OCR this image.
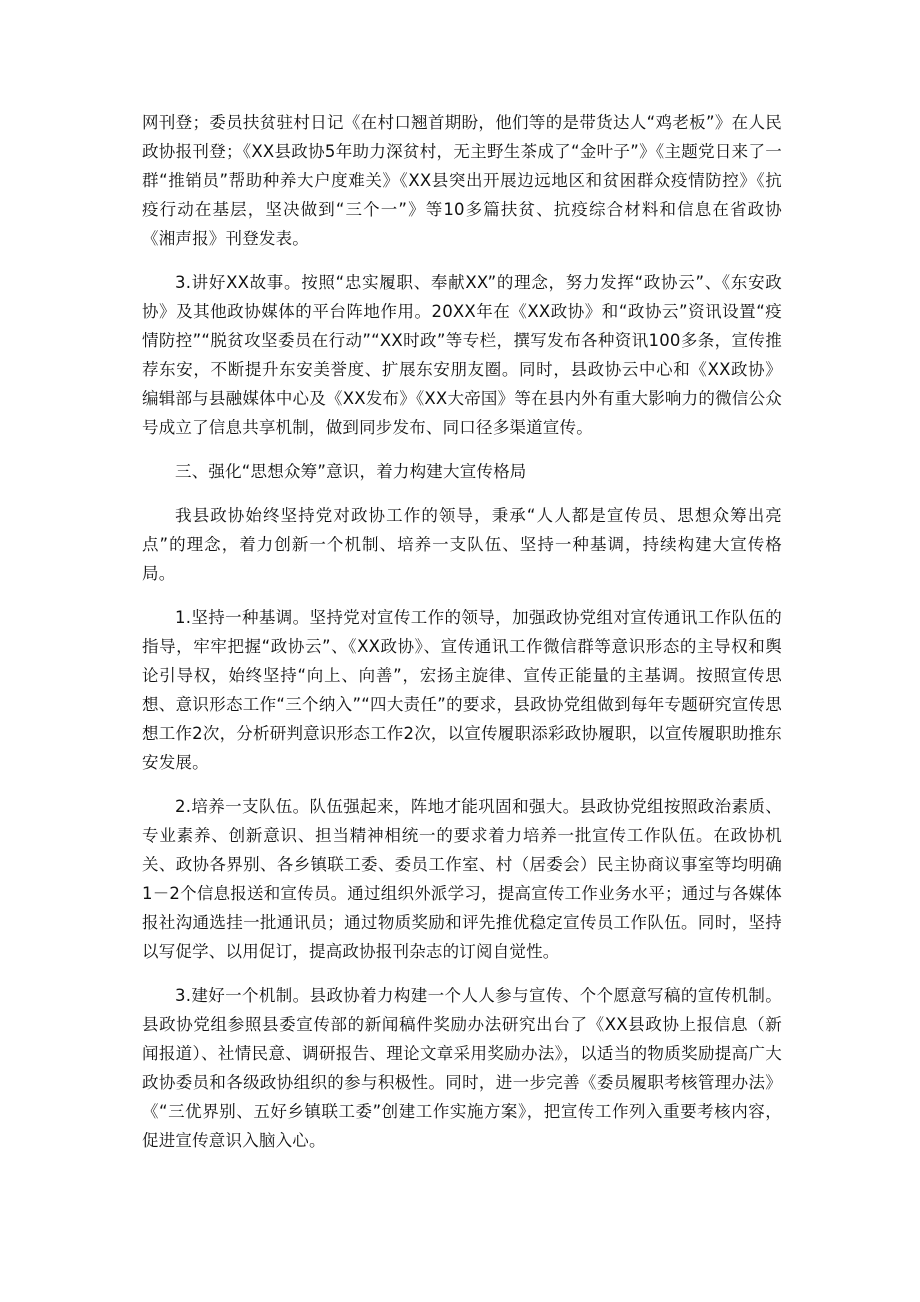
网刊登；委员扶贫驻村日记《在村口翘首期盼，他们等的是带货达人“鸡老板”》在人民政协报刊登；《XX县政协5年助力深贫村，无主野生茶成了“金叶子”》《主题党日来了一群“推销员”帮助种养大户度难关》《XX县突出开展边远地区和贫困群众疫情防控》《抗疫行动在基层，坚决做到“三个一”》等10多篇扶贫、抗疫综合材料和信息在省政协《湘声报》刊登发表。

3.讲好XX故事。按照“忠实履职、奉献XX”的理念，努力发挥“政协云”、《东安政协》及其他政协媒体的平台阵地作用。20XX年在《XX政协》和“政协云”资讯设置“疫情防控”“脱贫攻坚委员在行动”“XX时政”等专栏，撰写发布各种资讯100多条，宣传推荐东安，不断提升东安美誉度、扩展东安朋友圈。同时，县政协云中心和《XX政协》编辑部与县融媒体中心及《XX发布》《XX大帝国》等在县内外有重大影响力的微信公众号成立了信息共享机制，做到同步发布、同口径多渠道宣传。

三、强化“思想众筹”意识，着力构建大宣传格局

我县政协始终坚持党对政协工作的领导，秉承“人人都是宣传员、思想众筹出亮点”的理念，着力创新一个机制、培养一支队伍、坚持一种基调，持续构建大宣传格局。

1.坚持一种基调。坚持党对宣传工作的领导，加强政协党组对宣传通讯工作队伍的指导，牢牢把握“政协云”、《XX政协》、宣传通讯工作微信群等意识形态的主导权和舆论引导权，始终坚持“向上、向善”，宏扬主旋律、宣传正能量的主基调。按照宣传思想、意识形态工作“三个纳入”“四大责任”的要求，县政协党组做到每年专题研究宣传思想工作2次，分析研判意识形态工作2次，以宣传履职添彩政协履职，以宣传履职助推东安发展。

2.培养一支队伍。队伍强起来，阵地才能巩固和强大。县政协党组按照政治素质、专业素养、创新意识、担当精神相统一的要求着力培养一批宣传工作队伍。在政协机关、政协各界别、各乡镇联工委、委员工作室、村（居委会）民主协商议事室等均明确1－2个信息报送和宣传员。通过组织外派学习，提高宣传工作业务水平；通过与各媒体报社沟通选挂一批通讯员；通过物质奖励和评先推优稳定宣传员工作队伍。同时，坚持以写促学、以用促订，提高政协报刊杂志的订阅自觉性。

3.建好一个机制。县政协着力构建一个人人参与宣传、个个愿意写稿的宣传机制。县政协党组参照县委宣传部的新闻稿件奖励办法研究出台了《XX县政协上报信息（新闻报道）、社情民意、调研报告、理论文章采用奖励办法》，以适当的物质奖励提高广大政协委员和各级政协组织的参与积极性。同时，进一步完善《委员履职考核管理办法》《“三优界别、五好乡镇联工委”创建工作实施方案》，把宣传工作列入重要考核内容，促进宣传意识入脑入心。
